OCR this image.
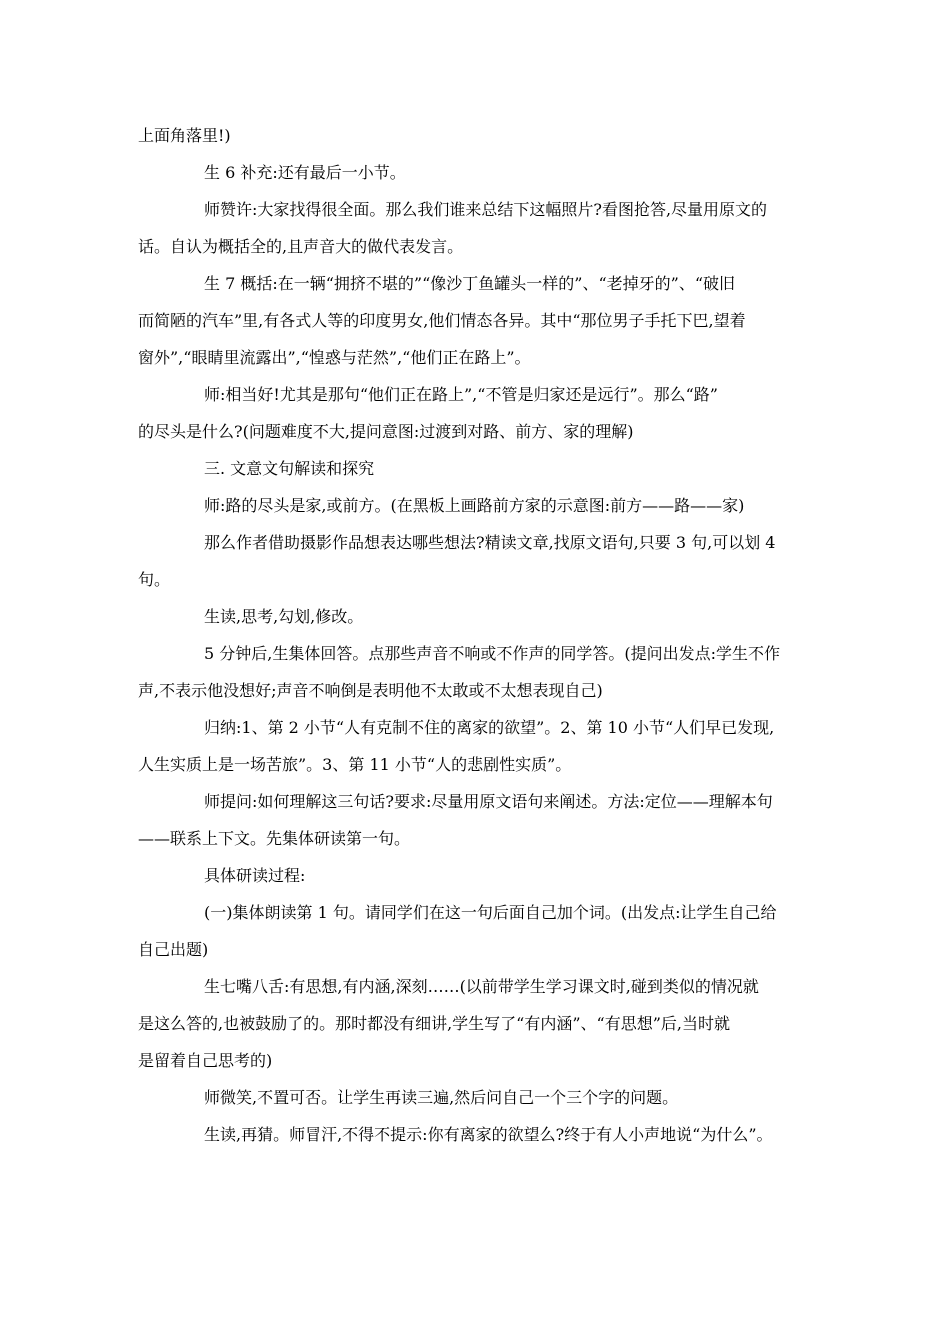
上面角落里!)
生 6 补充:还有最后一小节。
师赞许:大家找得很全面。那么我们谁来总结下这幅照片?看图抢答,尽量用原文的
话。自认为概括全的,且声音大的做代表发言。
生 7 概括:在一辆“拥挤不堪的”“像沙丁鱼罐头一样的”、“老掉牙的”、“破旧
而简陋的汽车”里,有各式人等的印度男女,他们情态各异。其中“那位男子手托下巴,望着
窗外”,“眼睛里流露出”,“惶惑与茫然”,“他们正在路上”。
师:相当好!尤其是那句“他们正在路上”,“不管是归家还是远行”。那么“路”
的尽头是什么?(问题难度不大,提问意图:过渡到对路、前方、家的理解)
三. 文意文句解读和探究
师:路的尽头是家,或前方。(在黑板上画路前方家的示意图:前方——路——家)
那么作者借助摄影作品想表达哪些想法?精读文章,找原文语句,只要 3 句,可以划 4
句。
生读,思考,勾划,修改。
5 分钟后,生集体回答。点那些声音不响或不作声的同学答。(提问出发点:学生不作
声,不表示他没想好;声音不响倒是表明他不太敢或不太想表现自己)
归纳:1、第 2 小节“人有克制不住的离家的欲望”。2、第 10 小节“人们早已发现,
人生实质上是一场苦旅”。3、第 11 小节“人的悲剧性实质”。
师提问:如何理解这三句话?要求:尽量用原文语句来阐述。方法:定位——理解本句
——联系上下文。先集体研读第一句。
具体研读过程:
(一)集体朗读第 1 句。请同学们在这一句后面自己加个词。(出发点:让学生自己给
自己出题)
生七嘴八舌:有思想,有内涵,深刻……(以前带学生学习课文时,碰到类似的情况就
是这么答的,也被鼓励了的。那时都没有细讲,学生写了“有内涵”、“有思想”后,当时就
是留着自己思考的)
师微笑,不置可否。让学生再读三遍,然后问自己一个三个字的问题。
生读,再猜。师冒汗,不得不提示:你有离家的欲望么?终于有人小声地说“为什么”。
